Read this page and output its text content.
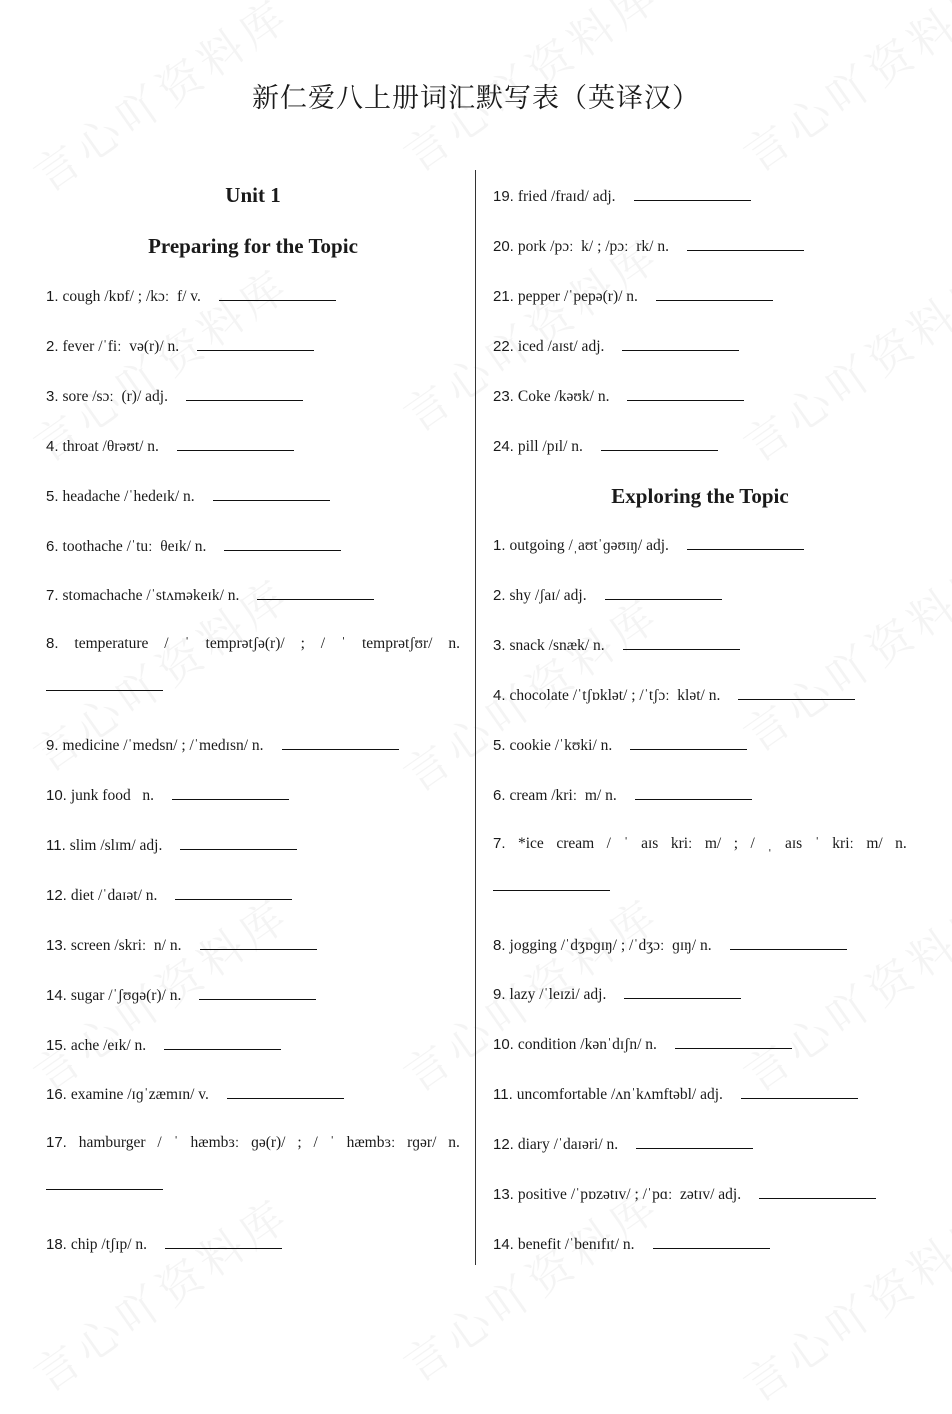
新仁爱八上册词汇默写表（英译汉）
Unit 1
Preparing for the Topic
1. cough /kɒf/ ; /kɔː  f/ v.
2. fever /ˈfiː  və(r)/ n.
3. sore /sɔː  (r)/ adj.
4. throat /θrəʊt/ n.
5. headache /ˈhedeɪk/ n.
6. toothache /ˈtuː  θeɪk/ n.
7. stomachache /ˈstʌməkeɪk/ n.
8. temperature / ˈ temprətʃə(r)/ ; / ˈ temprətʃʊr/ n.
9. medicine /ˈmedsn/ ; /ˈmedɪsn/ n.
10. junk food   n.
11. slim /slɪm/ adj.
12. diet /ˈdaɪət/ n.
13. screen /skriː  n/ n.
14. sugar /ˈʃʊɡə(r)/ n.
15. ache /eɪk/ n.
16. examine /ɪɡˈzæmɪn/ v.
17. hamburger / ˈ hæmbɜː ɡə(r)/ ; / ˈ hæmbɜː rɡər/ n.
18. chip /tʃɪp/ n.
Exploring the Topic
19. fried /fraɪd/ adj.
20. pork /pɔː  k/ ; /pɔː  rk/ n.
21. pepper /ˈpepə(r)/ n.
22. iced /aɪst/ adj.
23. Coke /kəʊk/ n.
24. pill /pɪl/ n.
1. outgoing /ˌaʊtˈɡəʊɪŋ/ adj.
2. shy /ʃaɪ/ adj.
3. snack /snæk/ n.
4. chocolate /ˈtʃɒklət/ ; /ˈtʃɔː  klət/ n.
5. cookie /ˈkʊki/ n.
6. cream /kriː  m/ n.
7. *ice cream / ˈ aɪs kriː m/ ; / ˌ aɪs ˈ kriː m/ n.
8. jogging /ˈdʒɒɡɪŋ/ ; /ˈdʒɔː  ɡɪŋ/ n.
9. lazy /ˈleɪzi/ adj.
10. condition /kənˈdɪʃn/ n.
11. uncomfortable /ʌnˈkʌmftəbl/ adj.
12. diary /ˈdaɪəri/ n.
13. positive /ˈpɒzətɪv/ ; /ˈpɑː  zətɪv/ adj.
14. benefit /ˈbenɪfɪt/ n.
